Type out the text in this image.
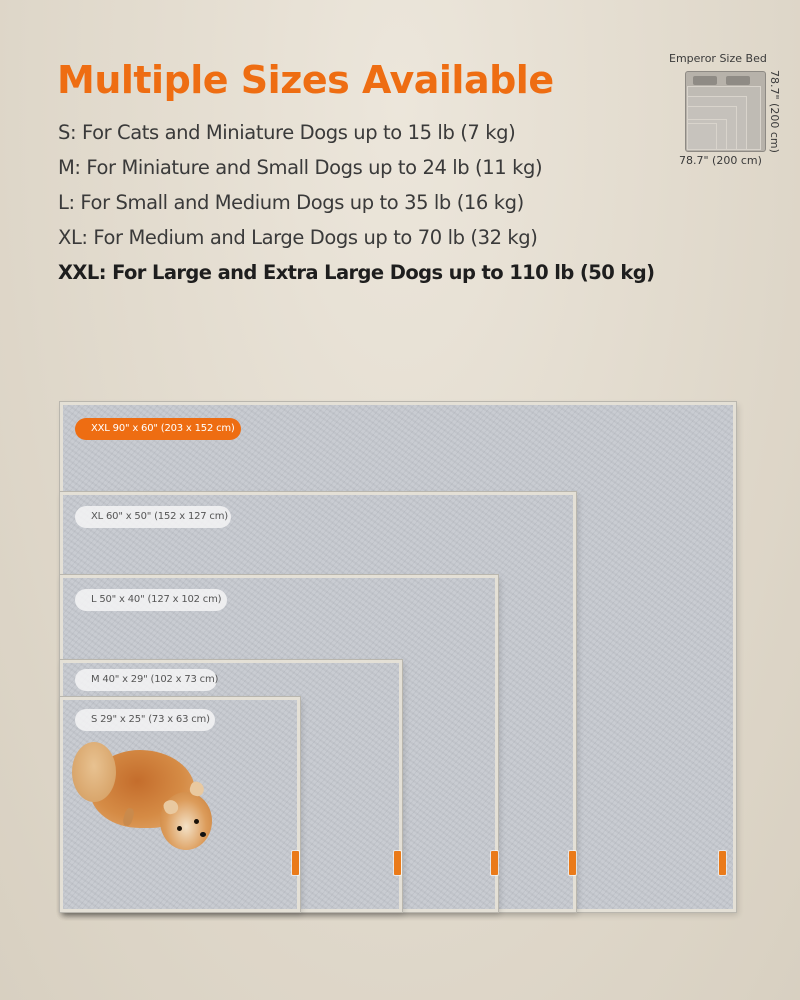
Multiple Sizes Available
S: For Cats and Miniature Dogs up to 15 lb (7 kg)
M: For Miniature and Small Dogs up to 24 lb (11 kg)
L: For Small and Medium Dogs up to 35 lb (16 kg)
XL: For Medium and Large Dogs up to 70 lb (32 kg)
XXL: For Large and Extra Large Dogs up to 110 lb (50 kg)
Emperor Size Bed
78.7" (200 cm)
78.7" (200 cm)
XXL 90" x 60" (203 x 152 cm)
XL 60" x 50" (152 x 127 cm)
L 50" x 40" (127 x 102 cm)
M 40" x 29" (102 x 73 cm)
S 29" x 25" (73 x 63 cm)
